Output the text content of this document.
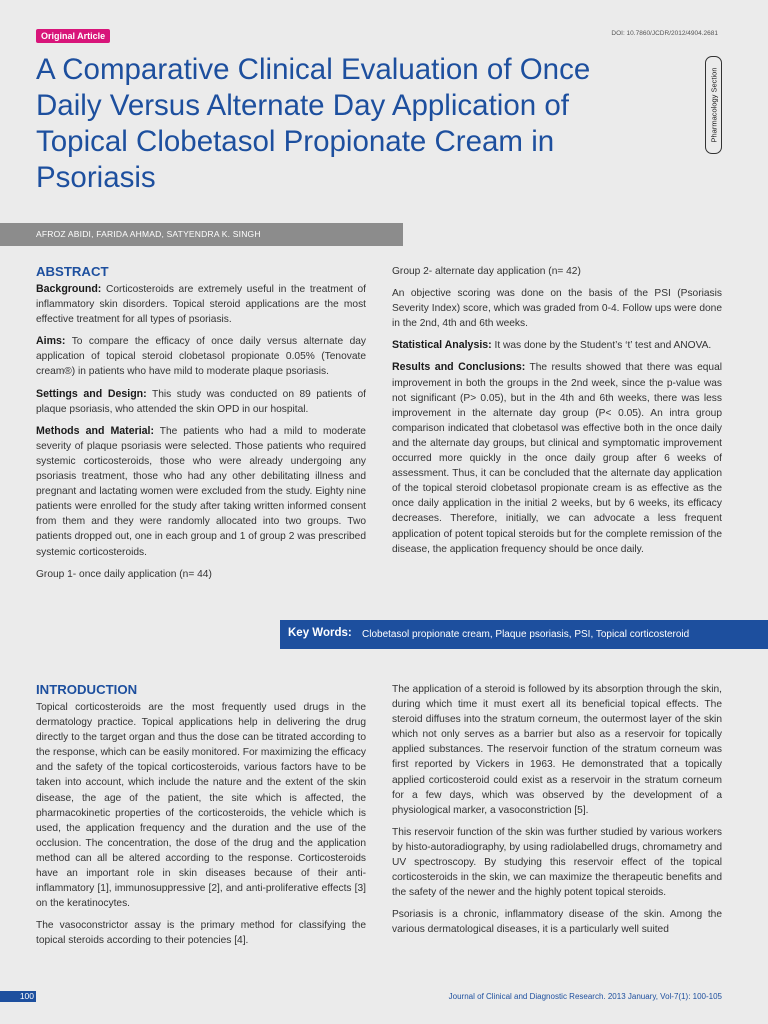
Original Article	DOI: 10.7860/JCDR/2012/4904.2681
A Comparative Clinical Evaluation of Once Daily Versus Alternate Day Application of Topical Clobetasol Propionate Cream in Psoriasis
Pharmacology Section
AFROZ ABIDI, FARIDA AHMAD, SATYENDRA K. SINGH
ABSTRACT

Background: Corticosteroids are extremely useful in the treatment of inflammatory skin disorders. Topical steroid applications are the most effective treatment for all types of psoriasis.

Aims: To compare the efficacy of once daily versus alternate day application of topical steroid clobetasol propionate 0.05% (Tenovate cream®) in patients who have mild to moderate plaque psoriasis.

Settings and Design: This study was conducted on 89 patients of plaque psoriasis, who attended the skin OPD in our hospital.

Methods and Material: The patients who had a mild to moderate severity of plaque psoriasis were selected. Those patients who required systemic corticosteroids, those who were already undergoing any psoriasis treatment, those who had any other debilitating illness and pregnant and lactating women were excluded from the study. Eighty nine patients were enrolled for the study after taking written informed consent from them and they were randomly allocated into two groups. Two patients dropped out, one in each group and 1 of group 2 was prescribed systemic corticosteroids.

Group 1- once daily application (n= 44)

Group 2- alternate day application (n= 42)

An objective scoring was done on the basis of the PSI (Psoriasis Severity Index) score, which was graded from 0-4. Follow ups were done in the 2nd, 4th and 6th weeks.

Statistical Analysis: It was done by the Student’s ‘t’ test and ANOVA.

Results and Conclusions: The results showed that there was equal improvement in both the groups in the 2nd week, since the p-value was not significant (P> 0.05), but in the 4th and 6th weeks, there was less improvement in the alternate day group (P< 0.05). An intra group comparison indicated that clobetasol was effective both in the once daily and the alternate day groups, but clinical and symptomatic improvement occurred more quickly in the once daily group after 6 weeks of assessment. Thus, it can be concluded that the alternate day application of the topical steroid clobetasol propionate cream is as effective as the once daily application in the initial 2 weeks, but by 6 weeks, its efficacy decreases. Therefore, initially, we can advocate a less frequent application of potent topical steroids but for the complete remission of the disease, the application frequency should be once daily.

Key Words: Clobetasol propionate cream, Plaque psoriasis, PSI, Topical corticosteroid
INTRODUCTION

Topical corticosteroids are the most frequently used drugs in the dermatology practice. Topical applications help in delivering the drug directly to the target organ and thus the dose can be titrated according to the response, which can be easily monitored. For maximizing the efficacy and the safety of the topical corticosteroids, various factors have to be taken into account, which include the nature and the extent of the skin disease, the age of the patient, the site which is affected, the pharmacokinetic properties of the corticosteroids, the vehicle which is used, the application frequency and the duration and the use of the occlusion. The concentration, the dose of the drug and the application method can all be altered according to the response. Corticosteroids have an important role in skin diseases because of their anti-inflammatory [1], immunosuppressive [2], and anti-proliferative effects [3] on the keratinocytes.

The vasoconstrictor assay is the primary method for classifying the topical steroids according to their potencies [4].

The application of a steroid is followed by its absorption through the skin, during which time it must exert all its beneficial topical effects. The steroid diffuses into the stratum corneum, the outermost layer of the skin which not only serves as a barrier but also as a reservoir for topically applied substances. The reservoir function of the stratum corneum was first reported by Vickers in 1963. He demonstrated that a topically applied corticosteroid could exist as a reservoir in the stratum corneum for a few days, which was observed by the development of a physiological marker, a vasoconstriction [5].

This reservoir function of the skin was further studied by various workers by histo-autoradiography, by using radiolabelled drugs, chromametry and UV spectroscopy. By studying this reservoir effect of the topical corticosteroids in the skin, we can maximize the therapeutic benefits and the safety of the newer and the highly potent topical steroids.

Psoriasis is a chronic, inflammatory disease of the skin. Among the various dermatological diseases, it is a particularly well suited

100	Journal of Clinical and Diagnostic Research. 2013 January, Vol-7(1): 100-105
